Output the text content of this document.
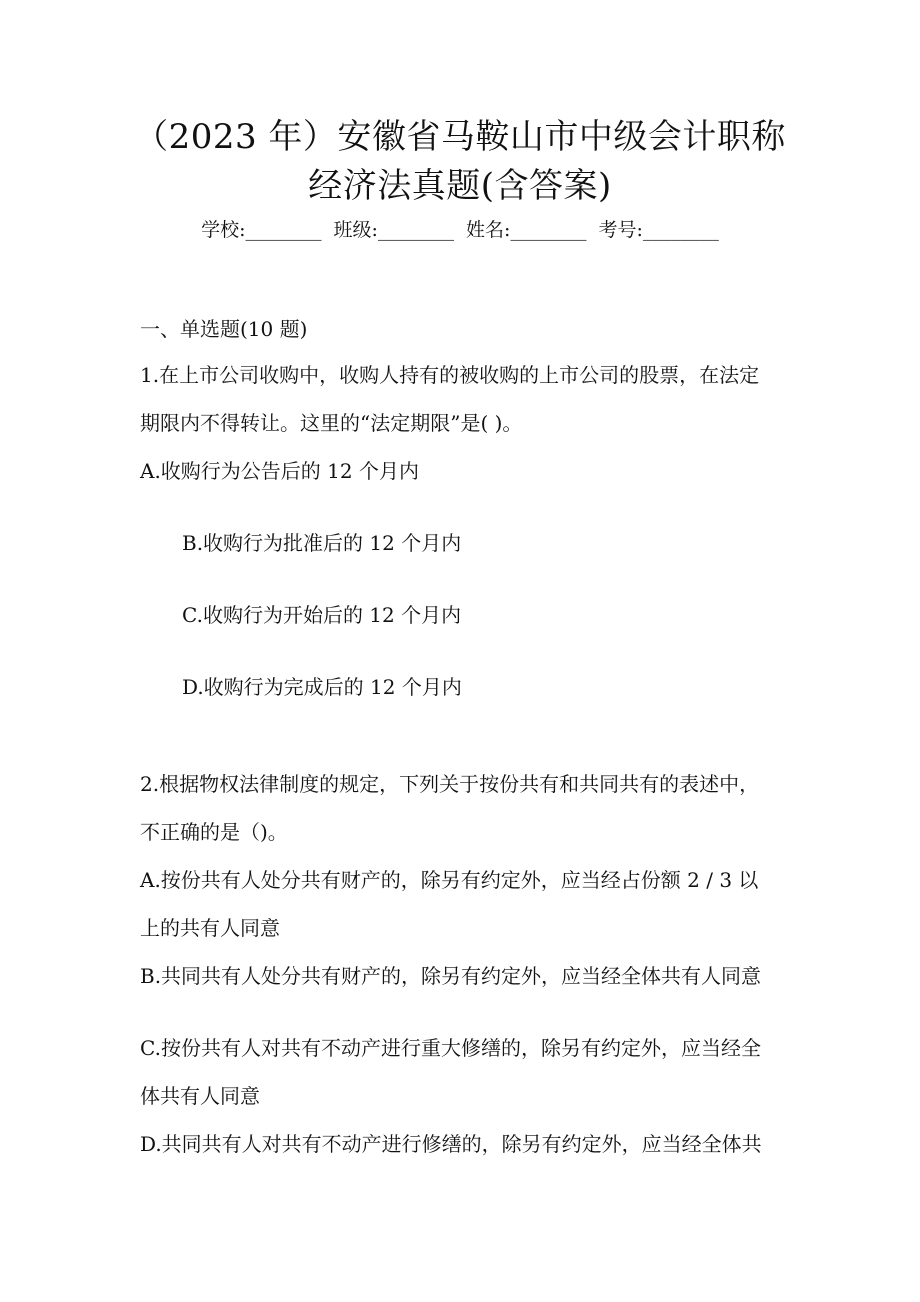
（2023 年）安徽省马鞍山市中级会计职称
经济法真题(含答案)
学校:________  班级:________  姓名:________  考号:________
一、单选题(10 题)
1.在上市公司收购中，收购人持有的被收购的上市公司的股票，在法定
期限内不得转让。这里的“法定期限”是( )。
A.收购行为公告后的 12 个月内
B.收购行为批准后的 12 个月内
C.收购行为开始后的 12 个月内
D.收购行为完成后的 12 个月内
2.根据物权法律制度的规定，下列关于按份共有和共同共有的表述中，
不正确的是（)。
A.按份共有人处分共有财产的，除另有约定外，应当经占份额 2 / 3 以
上的共有人同意
B.共同共有人处分共有财产的，除另有约定外，应当经全体共有人同意
C.按份共有人对共有不动产进行重大修缮的，除另有约定外，应当经全
体共有人同意
D.共同共有人对共有不动产进行修缮的，除另有约定外，应当经全体共
